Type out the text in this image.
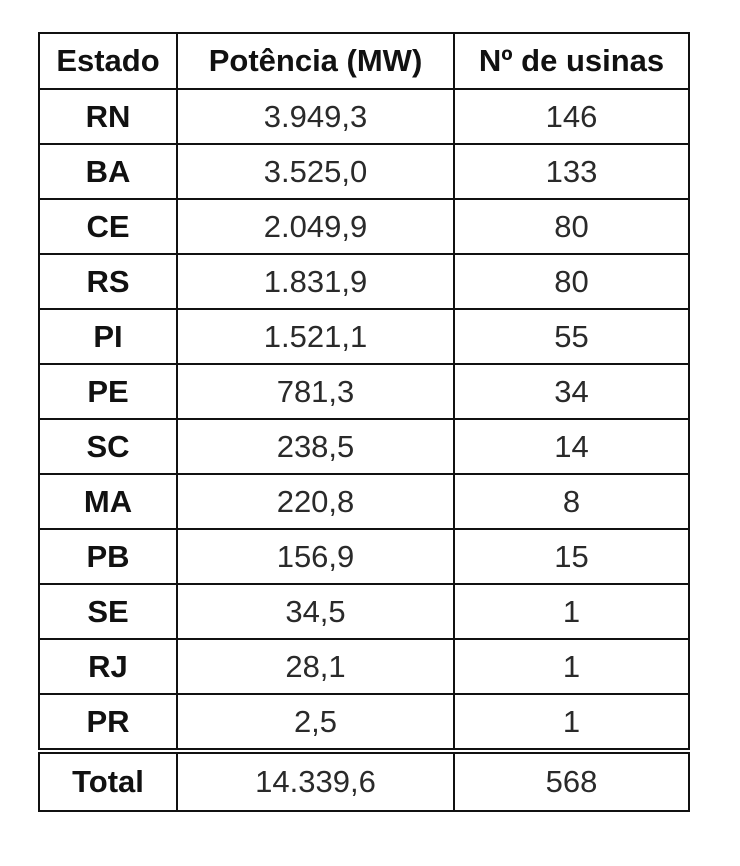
Estado	Potência (MW)	Nº de usinas
RN	3.949,3	146
BA	3.525,0	133
CE	2.049,9	80
RS	1.831,9	80
PI	1.521,1	55
PE	781,3	34
SC	238,5	14
MA	220,8	8
PB	156,9	15
SE	34,5	1
RJ	28,1	1
PR	2,5	1
Total	14.339,6	568
